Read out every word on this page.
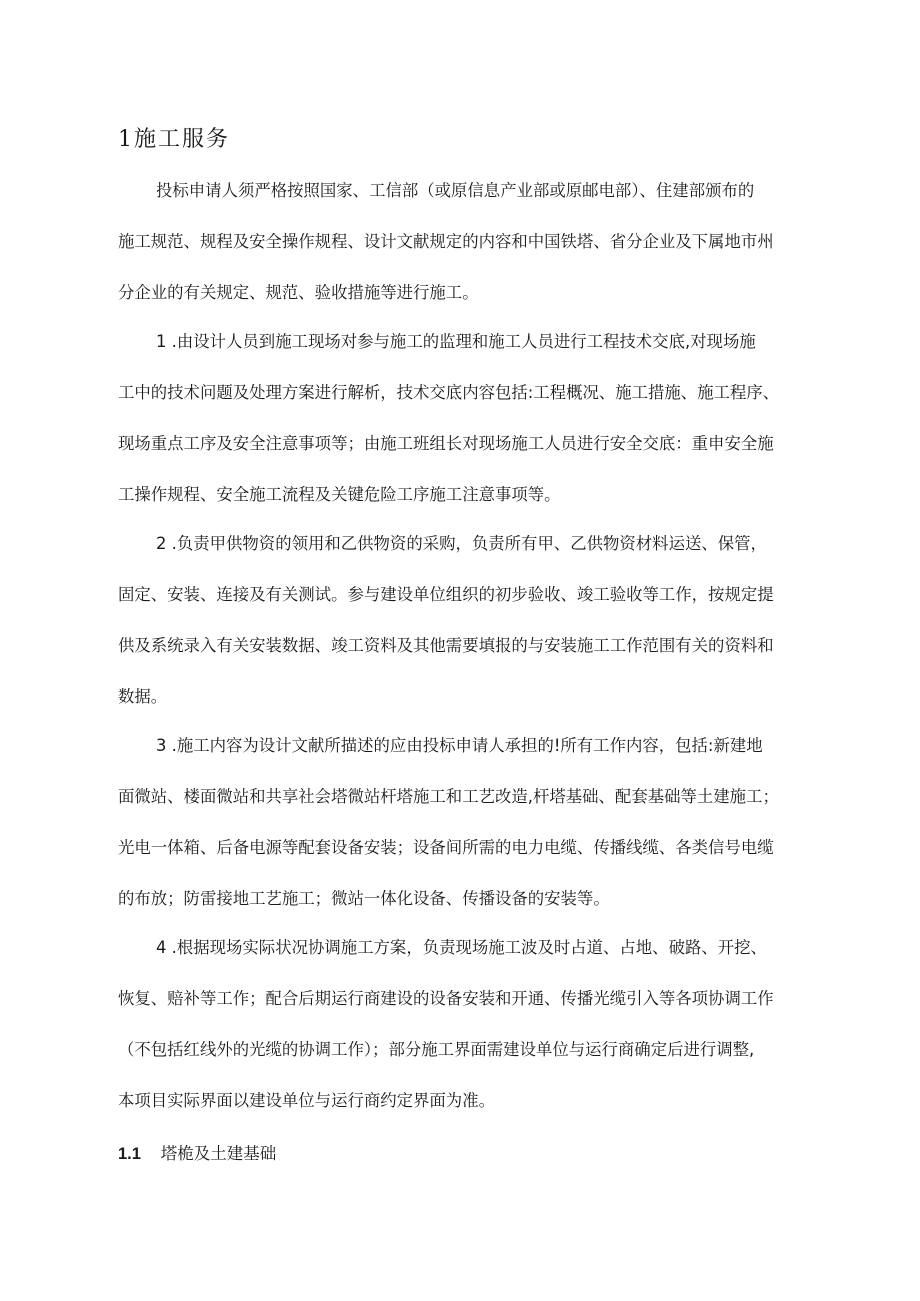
1施工服务
投标申请人须严格按照国家、工信部（或原信息产业部或原邮电部）、住建部颁布的
施工规范、规程及安全操作规程、设计文献规定的内容和中国铁塔、省分企业及下属地市州
分企业的有关规定、规范、验收措施等进行施工。
1 .由设计人员到施工现场对参与施工的监理和施工人员进行工程技术交底,对现场施
工中的技术问题及处理方案进行解析，技术交底内容包括:工程概况、施工措施、施工程序、
现场重点工序及安全注意事项等；由施工班组长对现场施工人员进行安全交底：重申安全施
工操作规程、安全施工流程及关键危险工序施工注意事项等。
2 .负责甲供物资的领用和乙供物资的采购，负责所有甲、乙供物资材料运送、保管，
固定、安装、连接及有关测试。参与建设单位组织的初步验收、竣工验收等工作，按规定提
供及系统录入有关安装数据、竣工资料及其他需要填报的与安装施工工作范围有关的资料和
数据。
3 .施工内容为设计文献所描述的应由投标申请人承担的!所有工作内容，包括:新建地
面微站、楼面微站和共享社会塔微站杆塔施工和工艺改造,杆塔基础、配套基础等土建施工；
光电一体箱、后备电源等配套设备安装；设备间所需的电力电缆、传播线缆、各类信号电缆
的布放；防雷接地工艺施工；微站一体化设备、传播设备的安装等。
4 .根据现场实际状况协调施工方案，负责现场施工波及时占道、占地、破路、开挖、
恢复、赔补等工作；配合后期运行商建设的设备安装和开通、传播光缆引入等各项协调工作
（不包括红线外的光缆的协调工作）；部分施工界面需建设单位与运行商确定后进行调整,
本项目实际界面以建设单位与运行商约定界面为准。
1.1 塔桅及土建基础
